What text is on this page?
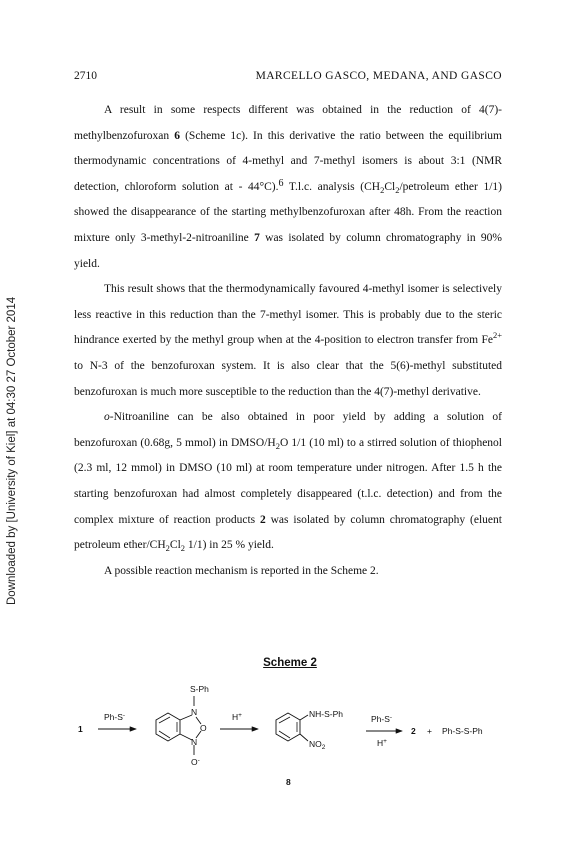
Downloaded by [University of Kiel] at 04:30 27 October 2014
2710	MARCELLO GASCO, MEDANA, AND GASCO

A result in some respects different was obtained in the reduction of 4(7)-methylbenzofuroxan 6 (Scheme 1c). In this derivative the ratio between the equilibrium thermodynamic concentrations of 4-methyl and 7-methyl isomers is about 3:1 (NMR detection, chloroform solution at - 44°C).6 T.l.c. analysis ($CH_2Cl_2$/petroleum ether 1/1) showed the disappearance of the starting methylbenzofuroxan after 48h. From the reaction mixture only 3-methyl-2-nitroaniline 7 was isolated by column chromatography in 90% yield.

This result shows that the thermodynamically favoured 4-methyl isomer is selectively less reactive in this reduction than the 7-methyl isomer. This is probably due to the steric hindrance exerted by the methyl group when at the 4-position to electron transfer from $Fe^{2+}$ to N-3 of the benzofuroxan system. It is also clear that the 5(6)-methyl substituted benzofuroxan is much more susceptible to the reduction than the 4(7)-methyl derivative.

o-Nitroaniline can be also obtained in poor yield by adding a solution of benzofuroxan (0.68g, 5 mmol) in DMSO/$H_2O$ 1/1 (10 ml) to a stirred solution of thiophenol (2.3 ml, 12 mmol) in DMSO (10 ml) at room temperature under nitrogen. After 1.5 h the starting benzofuroxan had almost completely disappeared (t.l.c. detection) and from the complex mixture of reaction products 2 was isolated by column chromatography (eluent petroleum ether/$CH_2Cl_2$ 1/1) in 25 % yield.

A possible reaction mechanism is reported in the Scheme 2.

Scheme 2
1
Ph-S-
S-Ph
N
O
N
O-
H+	NH-S-Ph
$NO_2$
8
Ph-S-
H+
2 + Ph-S-S-Ph
